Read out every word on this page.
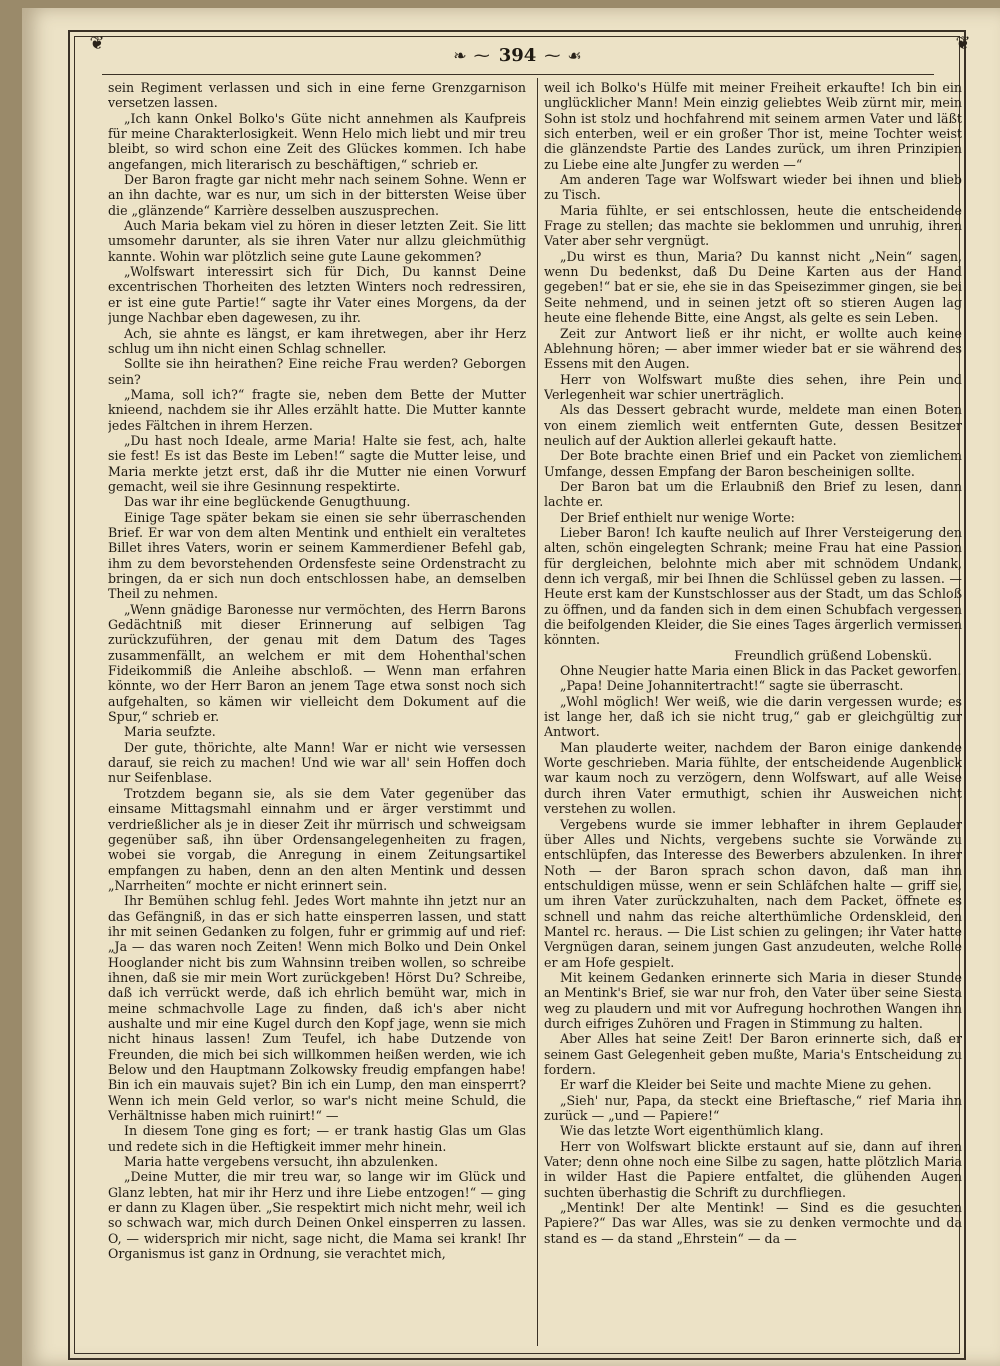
❦	❦
❧ ⁓ 394 ⁓ ☙

sein Regiment verlassen und sich in eine ferne Grenzgarnison versetzen lassen.

„Ich kann Onkel Bolko's Güte nicht annehmen als Kaufpreis für meine Charakterlosigkeit. Wenn Helo mich liebt und mir treu bleibt, so wird schon eine Zeit des Glückes kommen. Ich habe angefangen, mich literarisch zu beschäftigen,“ schrieb er.

Der Baron fragte gar nicht mehr nach seinem Sohne. Wenn er an ihn dachte, war es nur, um sich in der bittersten Weise über die „glänzende“ Karrière desselben auszusprechen.

Auch Maria bekam viel zu hören in dieser letzten Zeit. Sie litt umsomehr darunter, als sie ihren Vater nur allzu gleichmüthig kannte. Wohin war plötzlich seine gute Laune gekommen?

„Wolfswart interessirt sich für Dich, Du kannst Deine excentrischen Thorheiten des letzten Winters noch redressiren, er ist eine gute Partie!“ sagte ihr Vater eines Morgens, da der junge Nachbar eben dagewesen, zu ihr.

Ach, sie ahnte es längst, er kam ihretwegen, aber ihr Herz schlug um ihn nicht einen Schlag schneller.

Sollte sie ihn heirathen? Eine reiche Frau werden? Geborgen sein?

„Mama, soll ich?“ fragte sie, neben dem Bette der Mutter knieend, nachdem sie ihr Alles erzählt hatte. Die Mutter kannte jedes Fältchen in ihrem Herzen.

„Du hast noch Ideale, arme Maria! Halte sie fest, ach, halte sie fest! Es ist das Beste im Leben!“ sagte die Mutter leise, und Maria merkte jetzt erst, daß ihr die Mutter nie einen Vorwurf gemacht, weil sie ihre Gesinnung respektirte.

Das war ihr eine beglückende Genugthuung.

Einige Tage später bekam sie einen sie sehr überraschenden Brief. Er war von dem alten Mentink und enthielt ein veraltetes Billet ihres Vaters, worin er seinem Kammerdiener Befehl gab, ihm zu dem bevorstehenden Ordensfeste seine Ordenstracht zu bringen, da er sich nun doch entschlossen habe, an demselben Theil zu nehmen.

„Wenn gnädige Baronesse nur vermöchten, des Herrn Barons Gedächtniß mit dieser Erinnerung auf selbigen Tag zurückzuführen, der genau mit dem Datum des Tages zusammenfällt, an welchem er mit dem Hohenthal'schen Fideikommiß die Anleihe abschloß. — Wenn man erfahren könnte, wo der Herr Baron an jenem Tage etwa sonst noch sich aufgehalten, so kämen wir vielleicht dem Dokument auf die Spur,“ schrieb er.

Maria seufzte.

Der gute, thörichte, alte Mann! War er nicht wie versessen darauf, sie reich zu machen! Und wie war all' sein Hoffen doch nur Seifenblase.

Trotzdem begann sie, als sie dem Vater gegenüber das einsame Mittagsmahl einnahm und er ärger verstimmt und verdrießlicher als je in dieser Zeit ihr mürrisch und schweigsam gegenüber saß, ihn über Ordensangelegenheiten zu fragen, wobei sie vorgab, die Anregung in einem Zeitungsartikel empfangen zu haben, denn an den alten Mentink und dessen „Narrheiten“ mochte er nicht erinnert sein.

Ihr Bemühen schlug fehl. Jedes Wort mahnte ihn jetzt nur an das Gefängniß, in das er sich hatte einsperren lassen, und statt ihr mit seinen Gedanken zu folgen, fuhr er grimmig auf und rief: „Ja — das waren noch Zeiten! Wenn mich Bolko und Dein Onkel Hooglander nicht bis zum Wahnsinn treiben wollen, so schreibe ihnen, daß sie mir mein Wort zurückgeben! Hörst Du? Schreibe, daß ich verrückt werde, daß ich ehrlich bemüht war, mich in meine schmachvolle Lage zu finden, daß ich's aber nicht aushalte und mir eine Kugel durch den Kopf jage, wenn sie mich nicht hinaus lassen! Zum Teufel, ich habe Dutzende von Freunden, die mich bei sich willkommen heißen werden, wie ich Below und den Hauptmann Zolkowsky freudig empfangen habe! Bin ich ein mauvais sujet? Bin ich ein Lump, den man einsperrt? Wenn ich mein Geld verlor, so war's nicht meine Schuld, die Verhältnisse haben mich ruinirt!“ —

In diesem Tone ging es fort; — er trank hastig Glas um Glas und redete sich in die Heftigkeit immer mehr hinein.

Maria hatte vergebens versucht, ihn abzulenken.

„Deine Mutter, die mir treu war, so lange wir im Glück und Glanz lebten, hat mir ihr Herz und ihre Liebe entzogen!“ — ging er dann zu Klagen über. „Sie respektirt mich nicht mehr, weil ich so schwach war, mich durch Deinen Onkel einsperren zu lassen. O, — widersprich mir nicht, sage nicht, die Mama sei krank! Ihr Organismus ist ganz in Ordnung, sie verachtet mich,

weil ich Bolko's Hülfe mit meiner Freiheit erkaufte! Ich bin ein unglücklicher Mann! Mein einzig geliebtes Weib zürnt mir, mein Sohn ist stolz und hochfahrend mit seinem armen Vater und läßt sich enterben, weil er ein großer Thor ist, meine Tochter weist die glänzendste Partie des Landes zurück, um ihren Prinzipien zu Liebe eine alte Jungfer zu werden —“

Am anderen Tage war Wolfswart wieder bei ihnen und blieb zu Tisch.

Maria fühlte, er sei entschlossen, heute die entscheidende Frage zu stellen; das machte sie beklommen und unruhig, ihren Vater aber sehr vergnügt.

„Du wirst es thun, Maria? Du kannst nicht „Nein“ sagen, wenn Du bedenkst, daß Du Deine Karten aus der Hand gegeben!“ bat er sie, ehe sie in das Speisezimmer gingen, sie bei Seite nehmend, und in seinen jetzt oft so stieren Augen lag heute eine flehende Bitte, eine Angst, als gelte es sein Leben.

Zeit zur Antwort ließ er ihr nicht, er wollte auch keine Ablehnung hören; — aber immer wieder bat er sie während des Essens mit den Augen.

Herr von Wolfswart mußte dies sehen, ihre Pein und Verlegenheit war schier unerträglich.

Als das Dessert gebracht wurde, meldete man einen Boten von einem ziemlich weit entfernten Gute, dessen Besitzer neulich auf der Auktion allerlei gekauft hatte.

Der Bote brachte einen Brief und ein Packet von ziemlichem Umfange, dessen Empfang der Baron bescheinigen sollte.

Der Baron bat um die Erlaubniß den Brief zu lesen, dann lachte er.

Der Brief enthielt nur wenige Worte:

Lieber Baron! Ich kaufte neulich auf Ihrer Versteigerung den alten, schön eingelegten Schrank; meine Frau hat eine Passion für dergleichen, belohnte mich aber mit schnödem Undank, denn ich vergaß, mir bei Ihnen die Schlüssel geben zu lassen. — Heute erst kam der Kunstschlosser aus der Stadt, um das Schloß zu öffnen, und da fanden sich in dem einen Schubfach vergessen die beifolgenden Kleider, die Sie eines Tages ärgerlich vermissen könnten.

Freundlich grüßend Lobenskü.

Ohne Neugier hatte Maria einen Blick in das Packet geworfen.

„Papa! Deine Johannitertracht!“ sagte sie überrascht.

„Wohl möglich! Wer weiß, wie die darin vergessen wurde; es ist lange her, daß ich sie nicht trug,“ gab er gleichgültig zur Antwort.

Man plauderte weiter, nachdem der Baron einige dankende Worte geschrieben. Maria fühlte, der entscheidende Augenblick war kaum noch zu verzögern, denn Wolfswart, auf alle Weise durch ihren Vater ermuthigt, schien ihr Ausweichen nicht verstehen zu wollen.

Vergebens wurde sie immer lebhafter in ihrem Geplauder über Alles und Nichts, vergebens suchte sie Vorwände zu entschlüpfen, das Interesse des Bewerbers abzulenken. In ihrer Noth — der Baron sprach schon davon, daß man ihn entschuldigen müsse, wenn er sein Schläfchen halte — griff sie, um ihren Vater zurückzuhalten, nach dem Packet, öffnete es schnell und nahm das reiche alterthümliche Ordenskleid, den Mantel rc. heraus. — Die List schien zu gelingen; ihr Vater hatte Vergnügen daran, seinem jungen Gast anzudeuten, welche Rolle er am Hofe gespielt.

Mit keinem Gedanken erinnerte sich Maria in dieser Stunde an Mentink's Brief, sie war nur froh, den Vater über seine Siesta weg zu plaudern und mit vor Aufregung hochrothen Wangen ihn durch eifriges Zuhören und Fragen in Stimmung zu halten.

Aber Alles hat seine Zeit! Der Baron erinnerte sich, daß er seinem Gast Gelegenheit geben mußte, Maria's Entscheidung zu fordern.

Er warf die Kleider bei Seite und machte Miene zu gehen.

„Sieh' nur, Papa, da steckt eine Brieftasche,“ rief Maria ihn zurück — „und — Papiere!“

Wie das letzte Wort eigenthümlich klang.

Herr von Wolfswart blickte erstaunt auf sie, dann auf ihren Vater; denn ohne noch eine Silbe zu sagen, hatte plötzlich Maria in wilder Hast die Papiere entfaltet, die glühenden Augen suchten überhastig die Schrift zu durchfliegen.

„Mentink! Der alte Mentink! — Sind es die gesuchten Papiere?“ Das war Alles, was sie zu denken vermochte und da stand es — da stand „Ehrstein“ — da —
